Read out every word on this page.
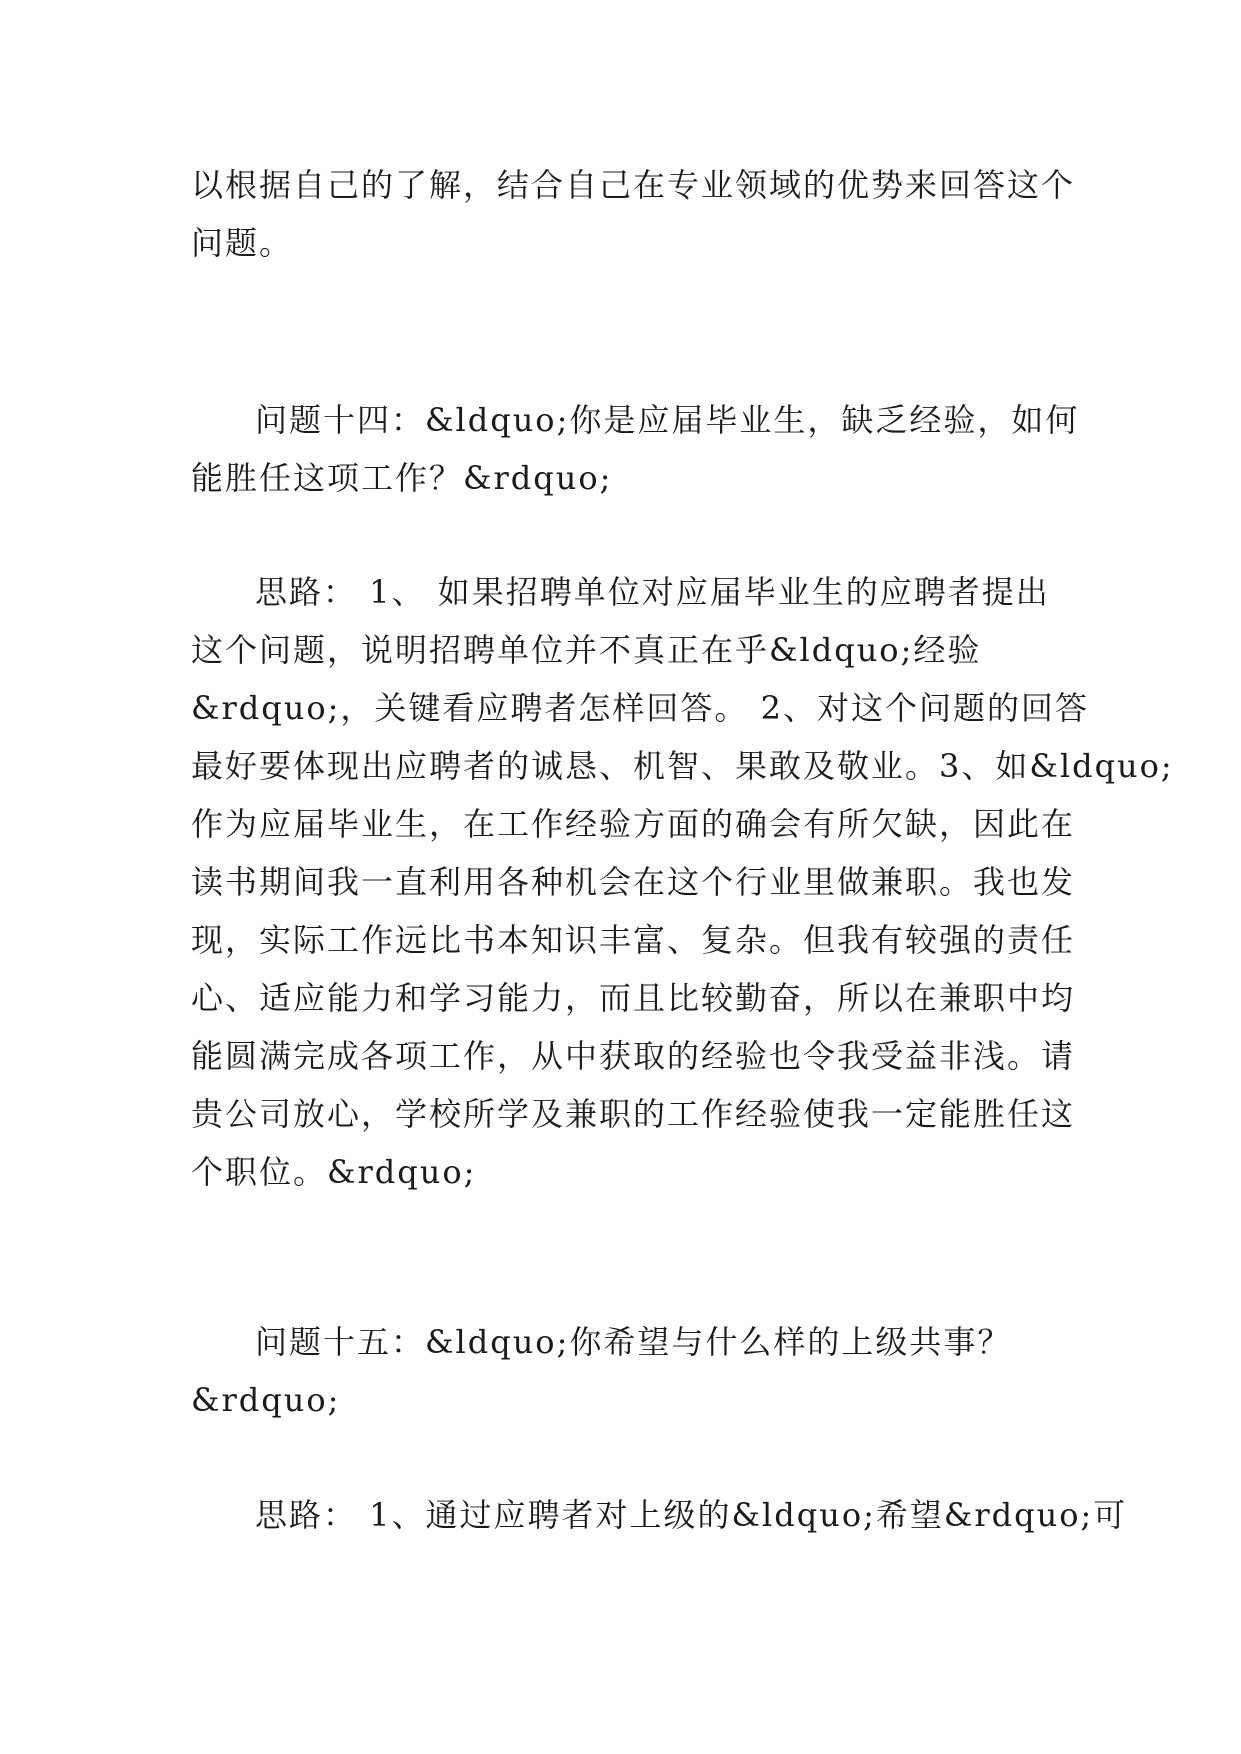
以根据自己的了解，结合自己在专业领域的优势来回答这个
问题。
问题十四：&ldquo;你是应届毕业生，缺乏经验，如何
能胜任这项工作？&rdquo;
思路： 1、 如果招聘单位对应届毕业生的应聘者提出
这个问题，说明招聘单位并不真正在乎&ldquo;经验
&rdquo;，关键看应聘者怎样回答。 2、对这个问题的回答
最好要体现出应聘者的诚恳、机智、果敢及敬业。3、如&ldquo;
作为应届毕业生，在工作经验方面的确会有所欠缺，因此在
读书期间我一直利用各种机会在这个行业里做兼职。我也发
现，实际工作远比书本知识丰富、复杂。但我有较强的责任
心、适应能力和学习能力，而且比较勤奋，所以在兼职中均
能圆满完成各项工作，从中获取的经验也令我受益非浅。请
贵公司放心，学校所学及兼职的工作经验使我一定能胜任这
个职位。&rdquo;
问题十五：&ldquo;你希望与什么样的上级共事？
&rdquo;
思路： 1、通过应聘者对上级的&ldquo;希望&rdquo;可
